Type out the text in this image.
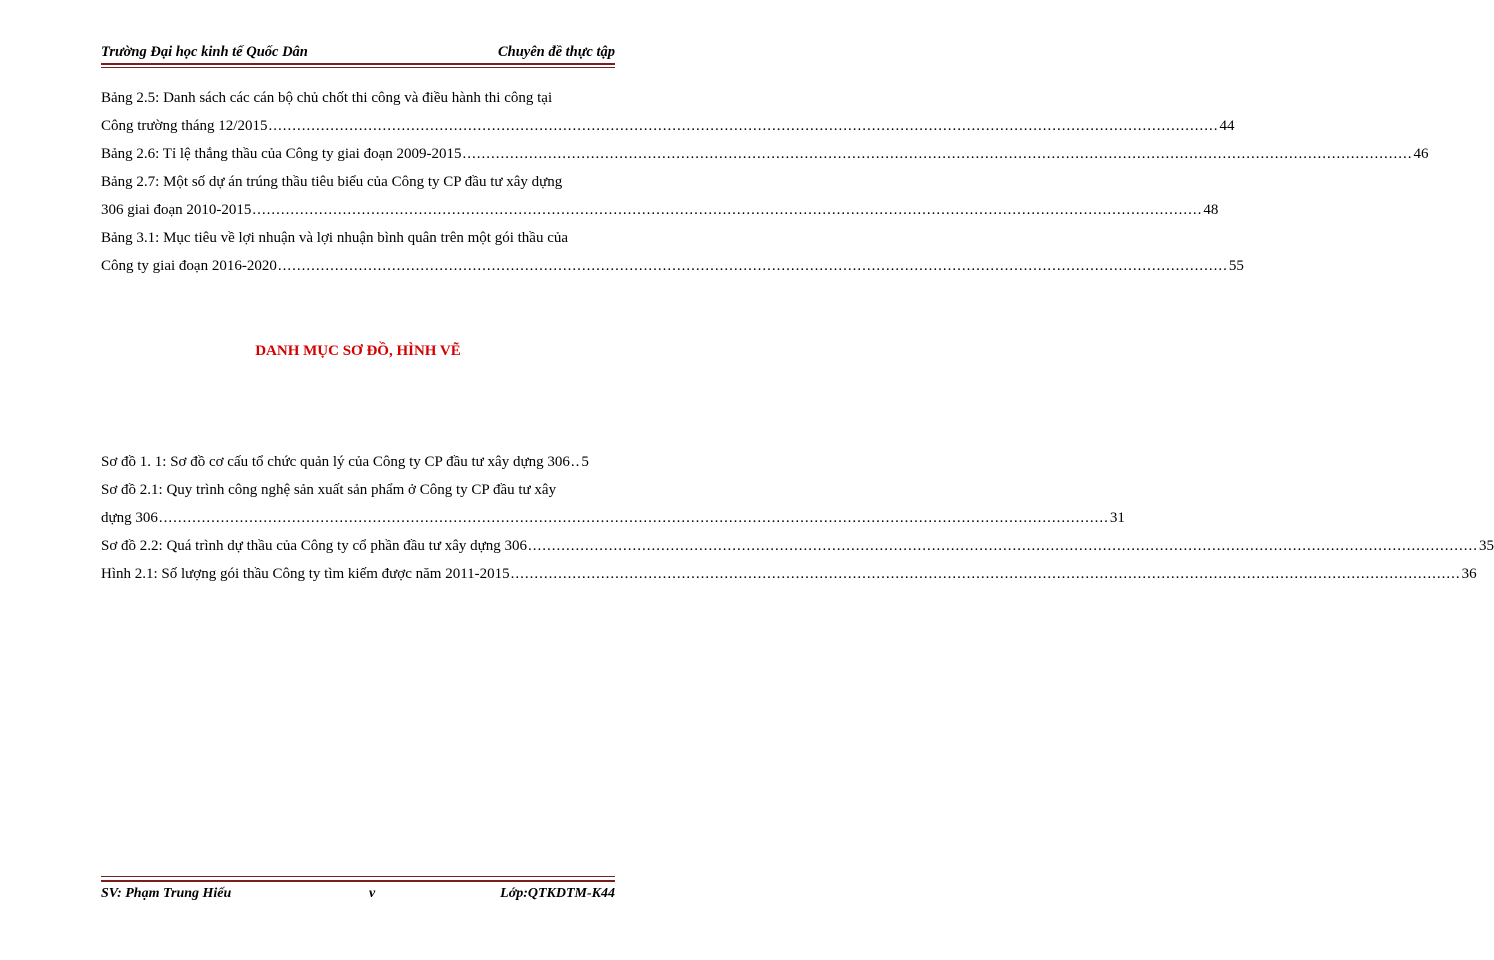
Trường Đại học kinh tế Quốc Dân	Chuyên đề thực tập
Bảng 2.5: Danh sách các cán bộ chủ chốt thi công và điều hành thi công tại
Công trường tháng 12/2015 ........................................................................................................................................................................................................ 44
Bảng 2.6: Tỉ lệ thắng thầu của Công ty giai đoạn 2009-2015 ........................................................................................................................................................................................................ 46
Bảng 2.7: Một số dự án trúng thầu tiêu biểu của Công ty CP đầu tư xây dựng
306 giai đoạn 2010-2015 ........................................................................................................................................................................................................ 48
Bảng 3.1: Mục tiêu về lợi nhuận và lợi nhuận bình quân trên một gói thầu của
Công ty giai đoạn 2016-2020 ........................................................................................................................................................................................................ 55
DANH MỤC SƠ ĐỒ, HÌNH VẼ
Sơ đồ 1. 1: Sơ đồ cơ cấu tổ chức quản lý của Công ty CP đầu tư xây dựng 306 .. 5
Sơ đồ 2.1: Quy trình công nghệ sản xuất sản phẩm ở Công ty CP đầu tư xây
dựng 306 ........................................................................................................................................................................................................ 31
Sơ đồ 2.2: Quá trình dự thầu của Công ty cổ phần đầu tư xây dựng 306 ........................................................................................................................................................................................................ 35
Hình 2.1: Số lượng gói thầu Công ty tìm kiếm được năm 2011-2015 ........................................................................................................................................................................................................ 36
SV: Phạm Trung Hiếu	v	Lớp:QTKDTM-K44
